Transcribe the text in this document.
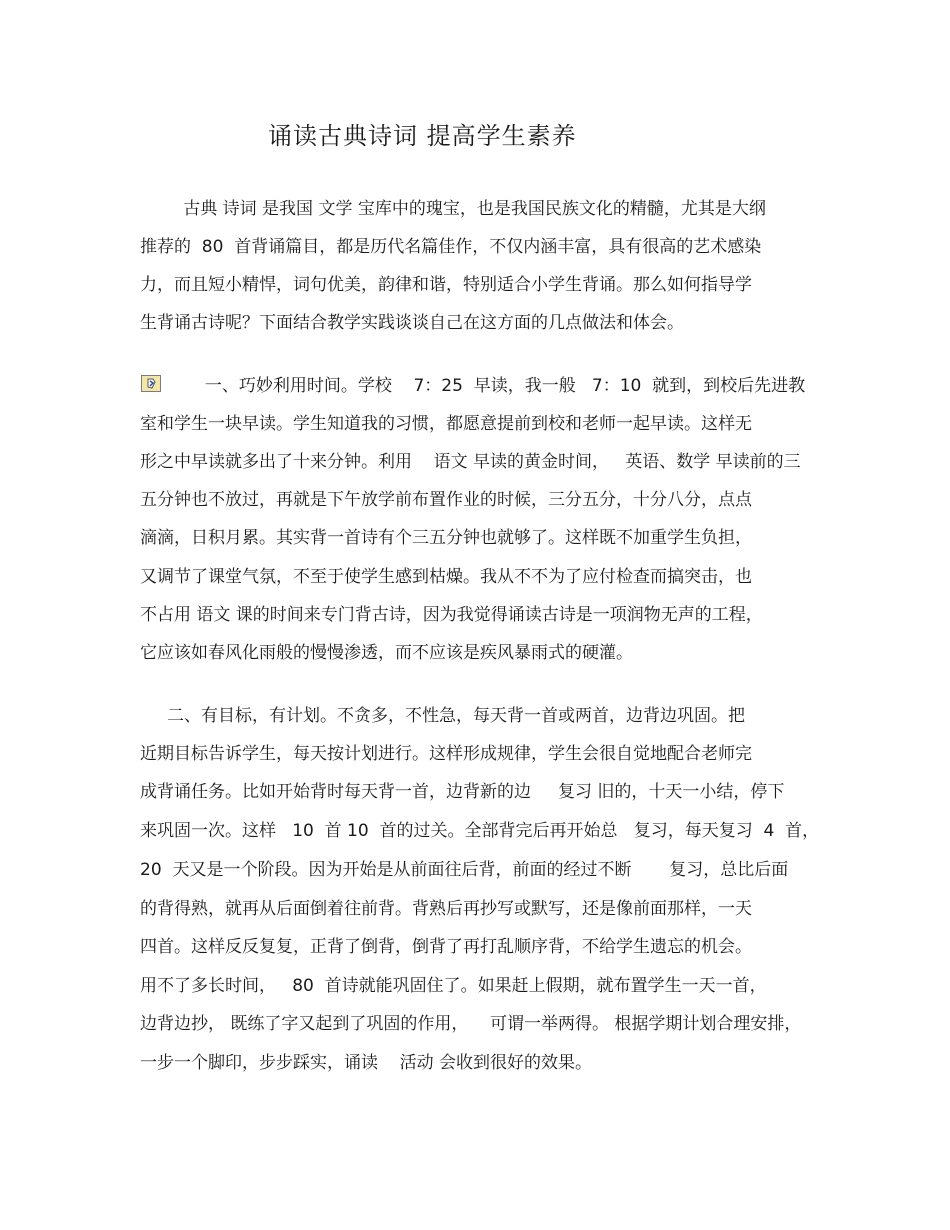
诵读古典诗词 提高学生素养
古典 诗词 是我国 文学 宝库中的瑰宝，也是我国民族文化的精髓，尤其是大纲
推荐的  80  首背诵篇目，都是历代名篇佳作，不仅内涵丰富，具有很高的艺术感染
力，而且短小精悍，词句优美，韵律和谐，特别适合小学生背诵。那么如何指导学
生背诵古诗呢？下面结合教学实践谈谈自己在这方面的几点做法和体会。
一、巧妙利用时间。学校    7：25  早读，我一般   7：10  就到，到校后先进教
室和学生一块早读。学生知道我的习惯，都愿意提前到校和老师一起早读。这样无
形之中早读就多出了十来分钟。利用    语文 早读的黄金时间，   英语、数学 早读前的三
五分钟也不放过，再就是下午放学前布置作业的时候，三分五分，十分八分，点点
滴滴，日积月累。其实背一首诗有个三五分钟也就够了。这样既不加重学生负担，
又调节了课堂气氛，不至于使学生感到枯燥。我从不不为了应付检查而搞突击，也
不占用 语文 课的时间来专门背古诗，因为我觉得诵读古诗是一项润物无声的工程，
它应该如春风化雨般的慢慢渗透，而不应该是疾风暴雨式的硬灌。
二、有目标，有计划。不贪多，不性急，每天背一首或两首，边背边巩固。把
近期目标告诉学生，每天按计划进行。这样形成规律，学生会很自觉地配合老师完
成背诵任务。比如开始背时每天背一首，边背新的边     复习 旧的，十天一小结，停下
来巩固一次。这样   10  首 10  首的过关。全部背完后再开始总   复习，每天复习  4  首，
20  天又是一个阶段。因为开始是从前面往后背，前面的经过不断       复习，总比后面
的背得熟，就再从后面倒着往前背。背熟后再抄写或默写，还是像前面那样，一天
四首。这样反反复复，正背了倒背，倒背了再打乱顺序背，不给学生遗忘的机会。
用不了多长时间，   80  首诗就能巩固住了。如果赶上假期，就布置学生一天一首，
边背边抄， 既练了字又起到了巩固的作用，    可谓一举两得。 根据学期计划合理安排，
一步一个脚印，步步踩实，诵读    活动 会收到很好的效果。
